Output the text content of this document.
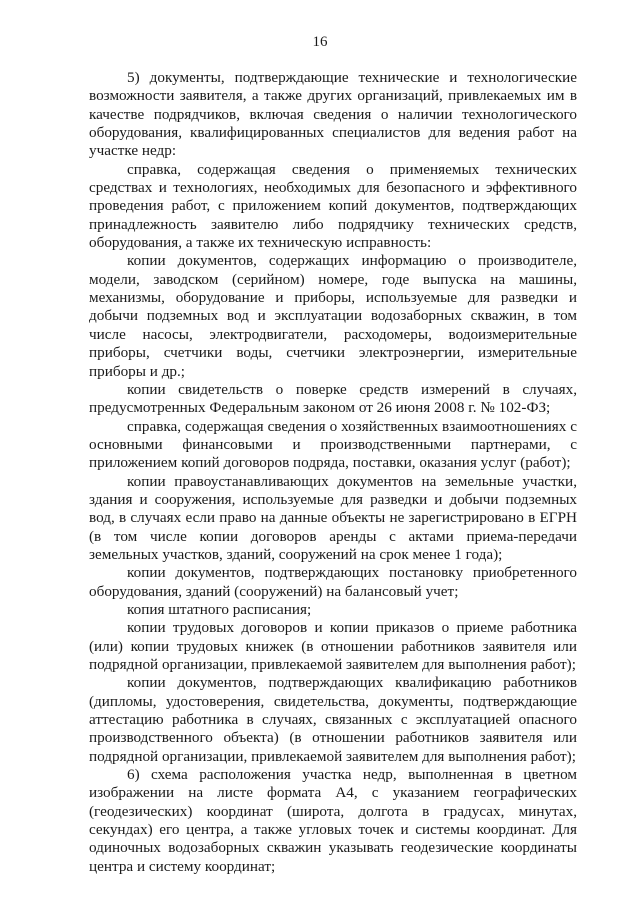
16

5) документы, подтверждающие технические и технологические возможности заявителя, а также других организаций, привлекаемых им в качестве подрядчиков, включая сведения о наличии технологического оборудования, квалифицированных специалистов для ведения работ на участке недр:

справка, содержащая сведения о применяемых технических средствах и технологиях, необходимых для безопасного и эффективного проведения работ, с приложением копий документов, подтверждающих принадлежность заявителю либо подрядчику технических средств, оборудования, а также их техническую исправность:

копии документов, содержащих информацию о производителе, модели, заводском (серийном) номере, годе выпуска на машины, механизмы, оборудование и приборы, используемые для разведки и добычи подземных вод и эксплуатации водозаборных скважин, в том числе насосы, электродвигатели, расходомеры, водоизмерительные приборы, счетчики воды, счетчики электроэнергии, измерительные приборы и др.;

копии свидетельств о поверке средств измерений в случаях, предусмотренных Федеральным законом от 26 июня 2008 г. № 102-ФЗ;

справка, содержащая сведения о хозяйственных взаимоотношениях с основными финансовыми и производственными партнерами, с приложением копий договоров подряда, поставки, оказания услуг (работ);

копии правоустанавливающих документов на земельные участки, здания и сооружения, используемые для разведки и добычи подземных вод, в случаях если право на данные объекты не зарегистрировано в ЕГРН (в том числе копии договоров аренды с актами приема-передачи земельных участков, зданий, сооружений на срок менее 1 года);

копии документов, подтверждающих постановку приобретенного оборудования, зданий (сооружений) на балансовый учет;

копия штатного расписания;

копии трудовых договоров и копии приказов о приеме работника (или) копии трудовых книжек (в отношении работников заявителя или подрядной организации, привлекаемой заявителем для выполнения работ);

копии документов, подтверждающих квалификацию работников (дипломы, удостоверения, свидетельства, документы, подтверждающие аттестацию работника в случаях, связанных с эксплуатацией опасного производственного объекта) (в отношении работников заявителя или подрядной организации, привлекаемой заявителем для выполнения работ);

6) схема расположения участка недр, выполненная в цветном изображении на листе формата А4, с указанием географических (геодезических) координат (широта, долгота в градусах, минутах, секундах) его центра, а также угловых точек и системы координат. Для одиночных водозаборных скважин указывать геодезические координаты центра и систему координат;
